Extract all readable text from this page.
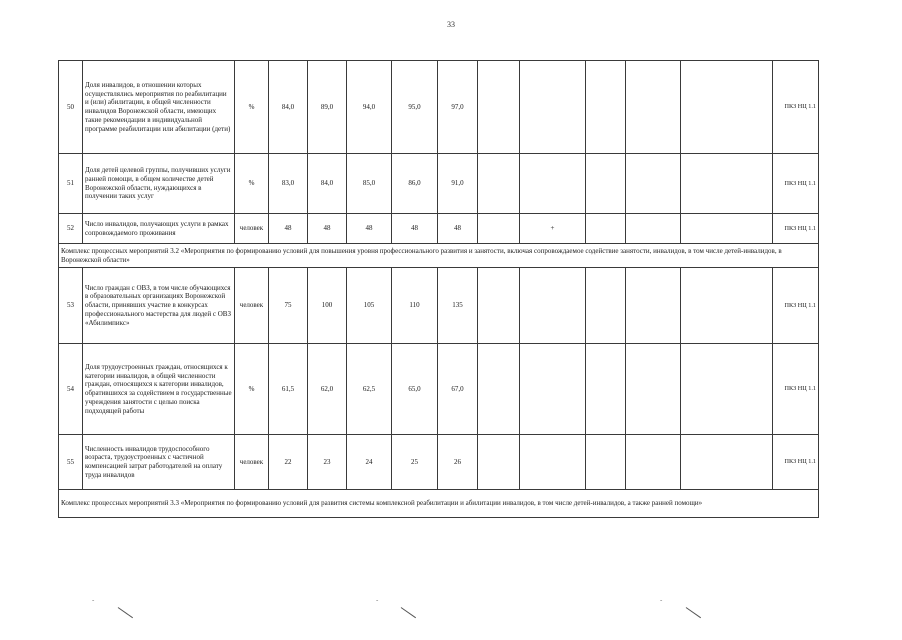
33
50	Доля инвалидов, в отношении которых осуществлялись мероприятия по реабилитации и (или) абилитации, в общей численности инвалидов Воронежской области, имеющих такие рекомендации в индивидуальной программе реабилитации или абилитации (дети)	%	84,0	89,0	94,0	95,0	97,0						ПКЗ НЦ 1.1
51	Доля детей целевой группы, получивших услуги ранней помощи, в общем количестве детей Воронежской области, нуждающихся в получении таких услуг	%	83,0	84,0	85,0	86,0	91,0						ПКЗ НЦ 1.1
52	Число инвалидов, получающих услуги в рамках сопровождаемого проживания	человек	48	48	48	48	48		+				ПКЗ НЦ 1.1
Комплекс процессных мероприятий 3.2 «Мероприятия по формированию условий для повышения уровня профессионального развития и занятости, включая сопровождаемое содействие занятости, инвалидов, в том числе детей-инвалидов, в Воронежской области»													
53	Число граждан с ОВЗ, в том числе обучающихся в образовательных организациях Воронежской области, принявших участие в конкурсах профессионального мастерства для людей с ОВЗ «Абилимпикс»	человек	75	100	105	110	135						ПКЗ НЦ 1.1
54	Доля трудоустроенных граждан, относящихся к категории инвалидов, в общей численности граждан, относящихся к категории инвалидов, обратившихся за содействием в государственные учреждения занятости с целью поиска подходящей работы	%	61,5	62,0	62,5	65,0	67,0						ПКЗ НЦ 1.1
55	Численность инвалидов трудоспособного возраста, трудоустроенных с частичной компенсацией затрат работодателей на оплату труда инвалидов	человек	22	23	24	25	26						ПКЗ НЦ 1.1
Комплекс процессных мероприятий 3.3 «Мероприятия по формированию условий для развития системы комплексной реабилитации и абилитации инвалидов, в том числе детей-инвалидов, а также ранней помощи»													
-	-	-
